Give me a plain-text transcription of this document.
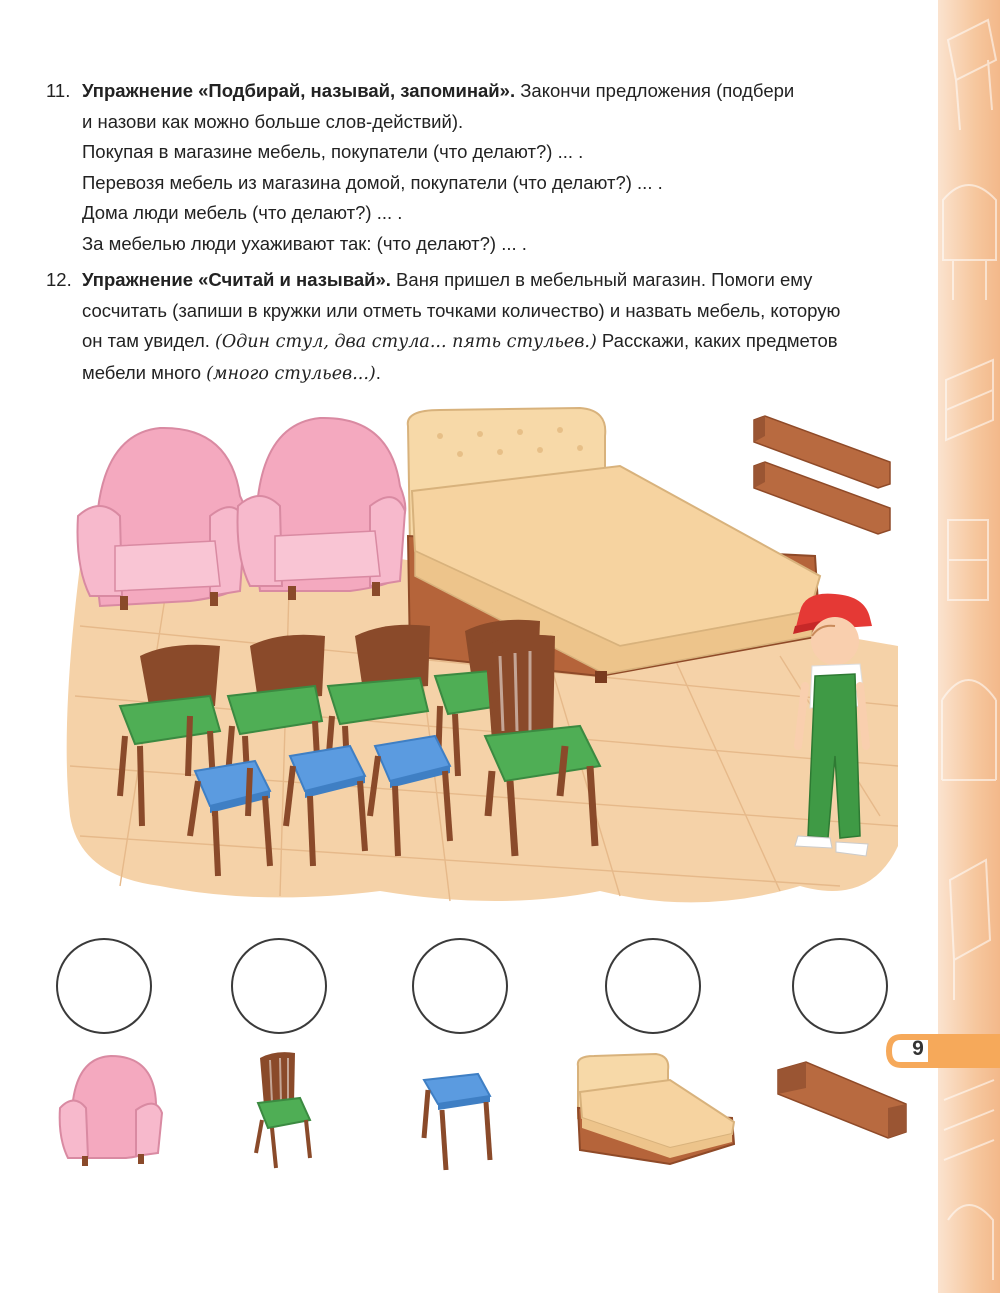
11. Упражнение «Подбирай, называй, запоминай». Закончи предложения (подбери
и назови как можно больше слов-действий).
Покупая в магазине мебель, покупатели (что делают?) ... .
Перевозя мебель из магазина домой, покупатели (что делают?) ... .
Дома люди мебель (что делают?) ... .
За мебелью люди ухаживают так: (что делают?) ... .
12. Упражнение «Считай и называй». Ваня пришел в мебельный магазин. Помоги ему
сосчитать (запиши в кружки или отметь точками количество) и назвать мебель, которую
он там увидел. (Один стул, два стула... пять стульев.) Расскажи, каких предметов
мебели много (много стульев...).
9
